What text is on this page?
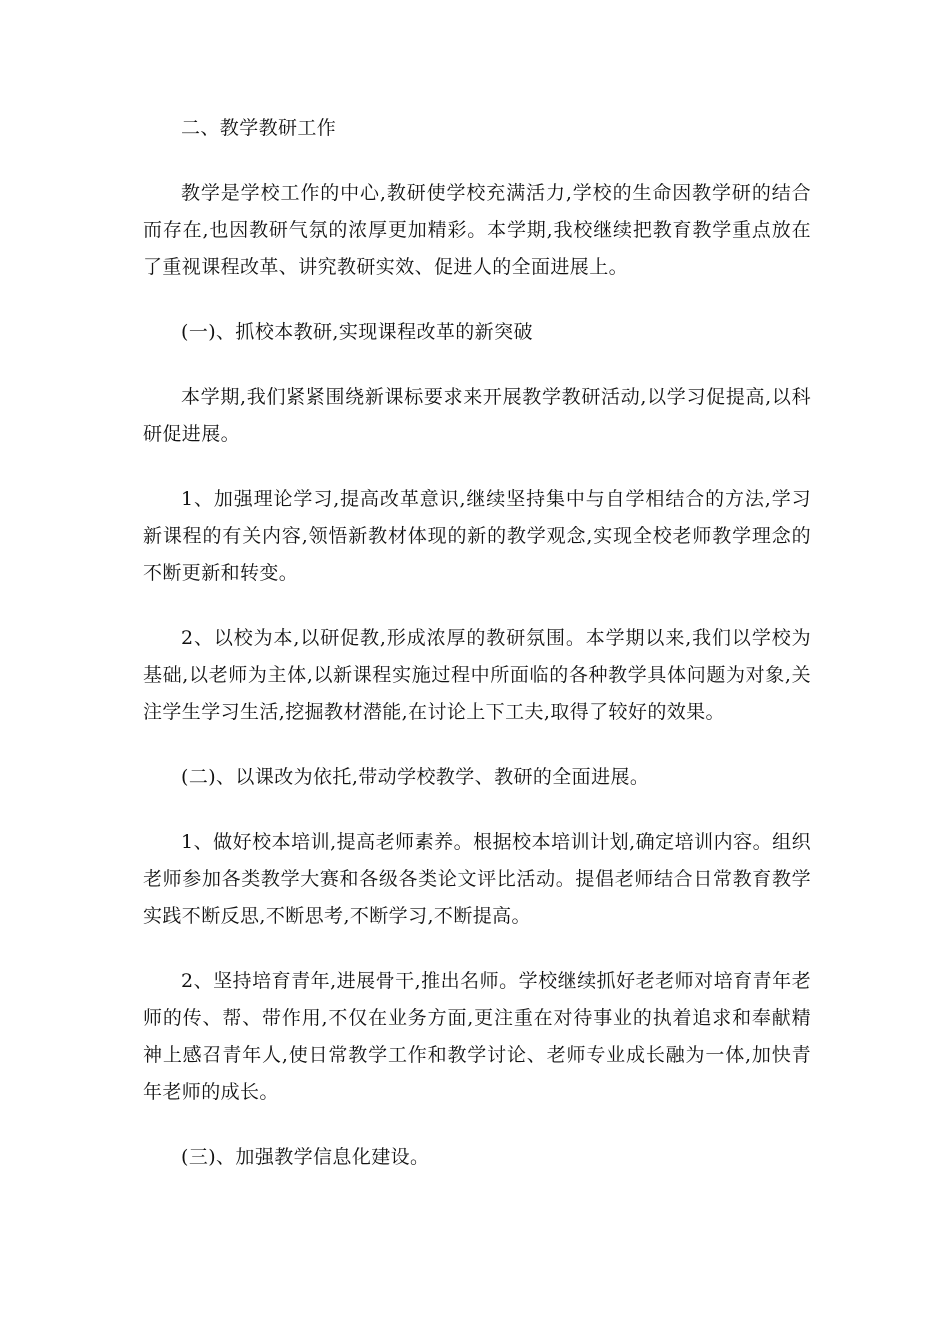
二、教学教研工作

教学是学校工作的中心,教研使学校充满活力,学校的生命因教学研的结合而存在,也因教研气氛的浓厚更加精彩。本学期,我校继续把教育教学重点放在了重视课程改革、讲究教研实效、促进人的全面进展上。

(一)、抓校本教研,实现课程改革的新突破

本学期,我们紧紧围绕新课标要求来开展教学教研活动,以学习促提高,以科研促进展。

1、加强理论学习,提高改革意识,继续坚持集中与自学相结合的方法,学习新课程的有关内容,领悟新教材体现的新的教学观念,实现全校老师教学理念的不断更新和转变。

2、以校为本,以研促教,形成浓厚的教研氛围。本学期以来,我们以学校为基础,以老师为主体,以新课程实施过程中所面临的各种教学具体问题为对象,关注学生学习生活,挖掘教材潜能,在讨论上下工夫,取得了较好的效果。

(二)、以课改为依托,带动学校教学、教研的全面进展。

1、做好校本培训,提高老师素养。根据校本培训计划,确定培训内容。组织老师参加各类教学大赛和各级各类论文评比活动。提倡老师结合日常教育教学实践不断反思,不断思考,不断学习,不断提高。

2、坚持培育青年,进展骨干,推出名师。学校继续抓好老老师对培育青年老师的传、帮、带作用,不仅在业务方面,更注重在对待事业的执着追求和奉献精神上感召青年人,使日常教学工作和教学讨论、老师专业成长融为一体,加快青年老师的成长。

(三)、加强教学信息化建设。
